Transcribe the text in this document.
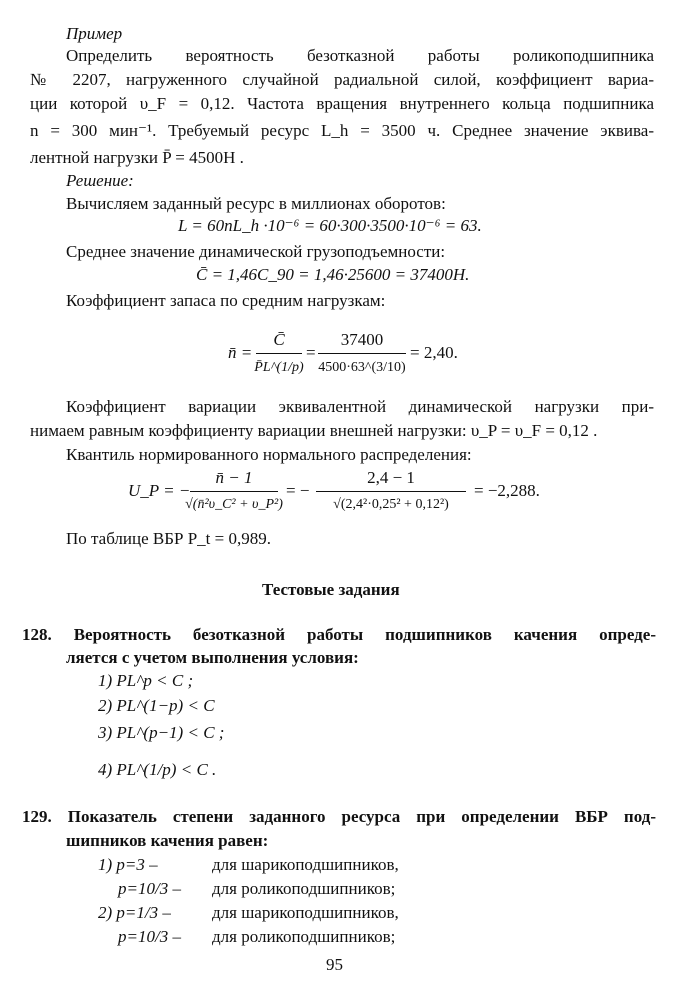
Пример
Определить вероятность безотказной работы роликоподшипника
№ 2207, нагруженного случайной радиальной силой, коэффициент вариа-
ции которой υ_F = 0,12. Частота вращения внутреннего кольца подшипника
n = 300 мин⁻¹. Требуемый ресурс L_h = 3500 ч. Среднее значение эквива-
лентной нагрузки P̄ = 4500H .
Решение:
Вычисляем заданный ресурс в миллионах оборотов:
L = 60nL_h ·10⁻⁶ = 60·300·3500·10⁻⁶ = 63.
Среднее значение динамической грузоподъемности:
C̄ = 1,46C_90 = 1,46·25600 = 37400H.
Коэффициент запаса по средним нагрузкам:
n̄ =
C̄
P̄L^(1/p)
=
37400
4500·63^(3/10)
= 2,40.
Коэффициент вариации эквивалентной динамической нагрузки при-
нимаем равным коэффициенту вариации внешней нагрузки: υ_P = υ_F = 0,12 .
Квантиль нормированного нормального распределения:
U_P = −
n̄ − 1
√(n̄²υ_C² + υ_P²)
= −
2,4 − 1
√(2,4²·0,25² + 0,12²)
= −2,288.
По таблице ВБР P_t = 0,989.
Тестовые задания
128. Вероятность безотказной работы подшипников качения опреде-
ляется с учетом выполнения условия:
1) PL^p < C ;
2) PL^(1−p) < C
3) PL^(p−1) < C ;
4) PL^(1/p) < C .
129. Показатель степени заданного ресурса при определении ВБР под-
шипников качения равен:
1) p=3 –	для шарикоподшипников,
p=10/3 – для роликоподшипников;
2) p=1/3 – для шарикоподшипников,
p=10/3 – для роликоподшипников;
95
